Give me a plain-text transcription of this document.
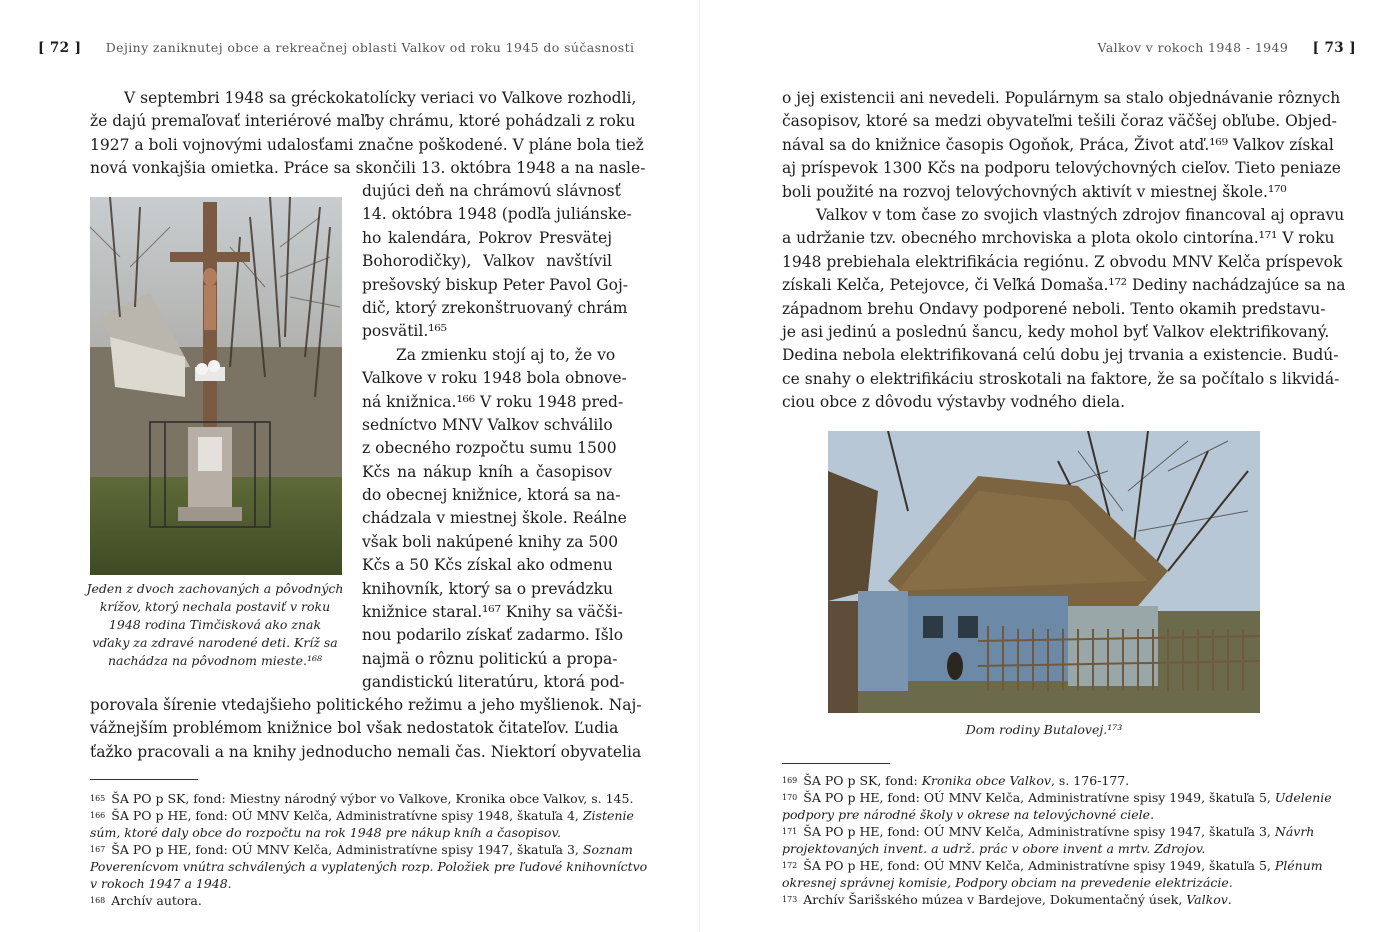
[ 72 ] Dejiny zaniknutej obce a rekreačnej oblasti Valkov od roku 1945 do súčasnosti	Valkov v rokoch 1948 - 1949 [ 73 ]
V septembri 1948 sa gréckokatolícky veriaci vo Valkove rozhodli,
že dajú premaľovať interiérové maľby chrámu, ktoré pohádzali z roku
1927 a boli vojnovými udalosťami značne poškodené. V pláne bola tiež
nová vonkajšia omietka. Práce sa skončili 13. októbra 1948 a na nasle-
Jeden z dvoch zachovaných a pôvodných
krížov, ktorý nechala postaviť v roku
1948 rodina Timčisková ako znak
vďaky za zdravé narodené deti. Kríž sa
nachádza na pôvodnom mieste.¹⁶⁸
dujúci deň na chrámovú slávnosť
14. októbra 1948 (podľa juliánske-
ho kalendára, Pokrov Presvätej
Bohorodičky), Valkov navštívil
prešovský biskup Peter Pavol Goj-
dič, ktorý zrekonštruovaný chrám
posvätil.¹⁶⁵
Za zmienku stojí aj to, že vo
Valkove v roku 1948 bola obnove-
ná knižnica.¹⁶⁶ V roku 1948 pred-
sedníctvo MNV Valkov schválilo
z obecného rozpočtu sumu 1500
Kčs na nákup kníh a časopisov
do obecnej knižnice, ktorá sa na-
chádzala v miestnej škole. Reálne
však boli nakúpené knihy za 500
Kčs a 50 Kčs získal ako odmenu
knihovník, ktorý sa o prevádzku
knižnice staral.¹⁶⁷ Knihy sa väčši-
nou podarilo získať zadarmo. Išlo
najmä o rôznu politickú a propa-
gandistickú literatúru, ktorá pod-
porovala šírenie vtedajšieho politického režimu a jeho myšlienok. Naj-
vážnejším problémom knižnice bol však nedostatok čitateľov. Ľudia
ťažko pracovali a na knihy jednoducho nemali čas. Niektorí obyvatelia
$^{165}$ ŠA PO p SK, fond: Miestny národný výbor vo Valkove, Kronika obce Valkov, s. 145.
$^{166}$ ŠA PO p HE, fond: OÚ MNV Kelča, Administratívne spisy 1948, škatuľa 4, Zistenie
súm, ktoré daly obce do rozpočtu na rok 1948 pre nákup kníh a časopisov.
$^{167}$ ŠA PO p HE, fond: OÚ MNV Kelča, Administratívne spisy 1947, škatuľa 3, Soznam
Poverenícvom vnútra schválených a vyplatených rozp. Položiek pre ľudové knihovníctvo
v rokoch 1947 a 1948.
$^{168}$ Archív autora.
o jej existencii ani nevedeli. Populárnym sa stalo objednávanie rôznych
časopisov, ktoré sa medzi obyvateľmi tešili čoraz väčšej obľube. Objed-
nával sa do knižnice časopis Ogoňok, Práca, Život atď.¹⁶⁹ Valkov získal
aj príspevok 1300 Kčs na podporu telovýchovných cieľov. Tieto peniaze
boli použité na rozvoj telovýchovných aktivít v miestnej škole.¹⁷⁰
Valkov v tom čase zo svojich vlastných zdrojov financoval aj opravu
a udržanie tzv. obecného mrchoviska a plota okolo cintorína.¹⁷¹ V roku
1948 prebiehala elektrifikácia regiónu. Z obvodu MNV Kelča príspevok
získali Kelča, Petejovce, či Veľká Domaša.¹⁷² Dediny nachádzajúce sa na
západnom brehu Ondavy podporené neboli. Tento okamih predstavu-
je asi jedinú a poslednú šancu, kedy mohol byť Valkov elektrifikovaný.
Dedina nebola elektrifikovaná celú dobu jej trvania a existencie. Budú-
ce snahy o elektrifikáciu stroskotali na faktore, že sa počítalo s likvidá-
ciou obce z dôvodu výstavby vodného diela.
Dom rodiny Butalovej.¹⁷³
$^{169}$ ŠA PO p SK, fond: Kronika obce Valkov, s. 176-177.
$^{170}$ ŠA PO p HE, fond: OÚ MNV Kelča, Administratívne spisy 1949, škatuľa 5, Udelenie
podpory pre národné školy v okrese na telovýchovné ciele.
$^{171}$ ŠA PO p HE, fond: OÚ MNV Kelča, Administratívne spisy 1947, škatuľa 3, Návrh
projektovaných invent. a udrž. prác v obore invent a mrtv. Zdrojov.
$^{172}$ ŠA PO p HE, fond: OÚ MNV Kelča, Administratívne spisy 1949, škatuľa 5, Plénum
okresnej správnej komisie, Podpory obciam na prevedenie elektrizácie.
$^{173}$ Archív Šarišského múzea v Bardejove, Dokumentačný úsek, Valkov.
